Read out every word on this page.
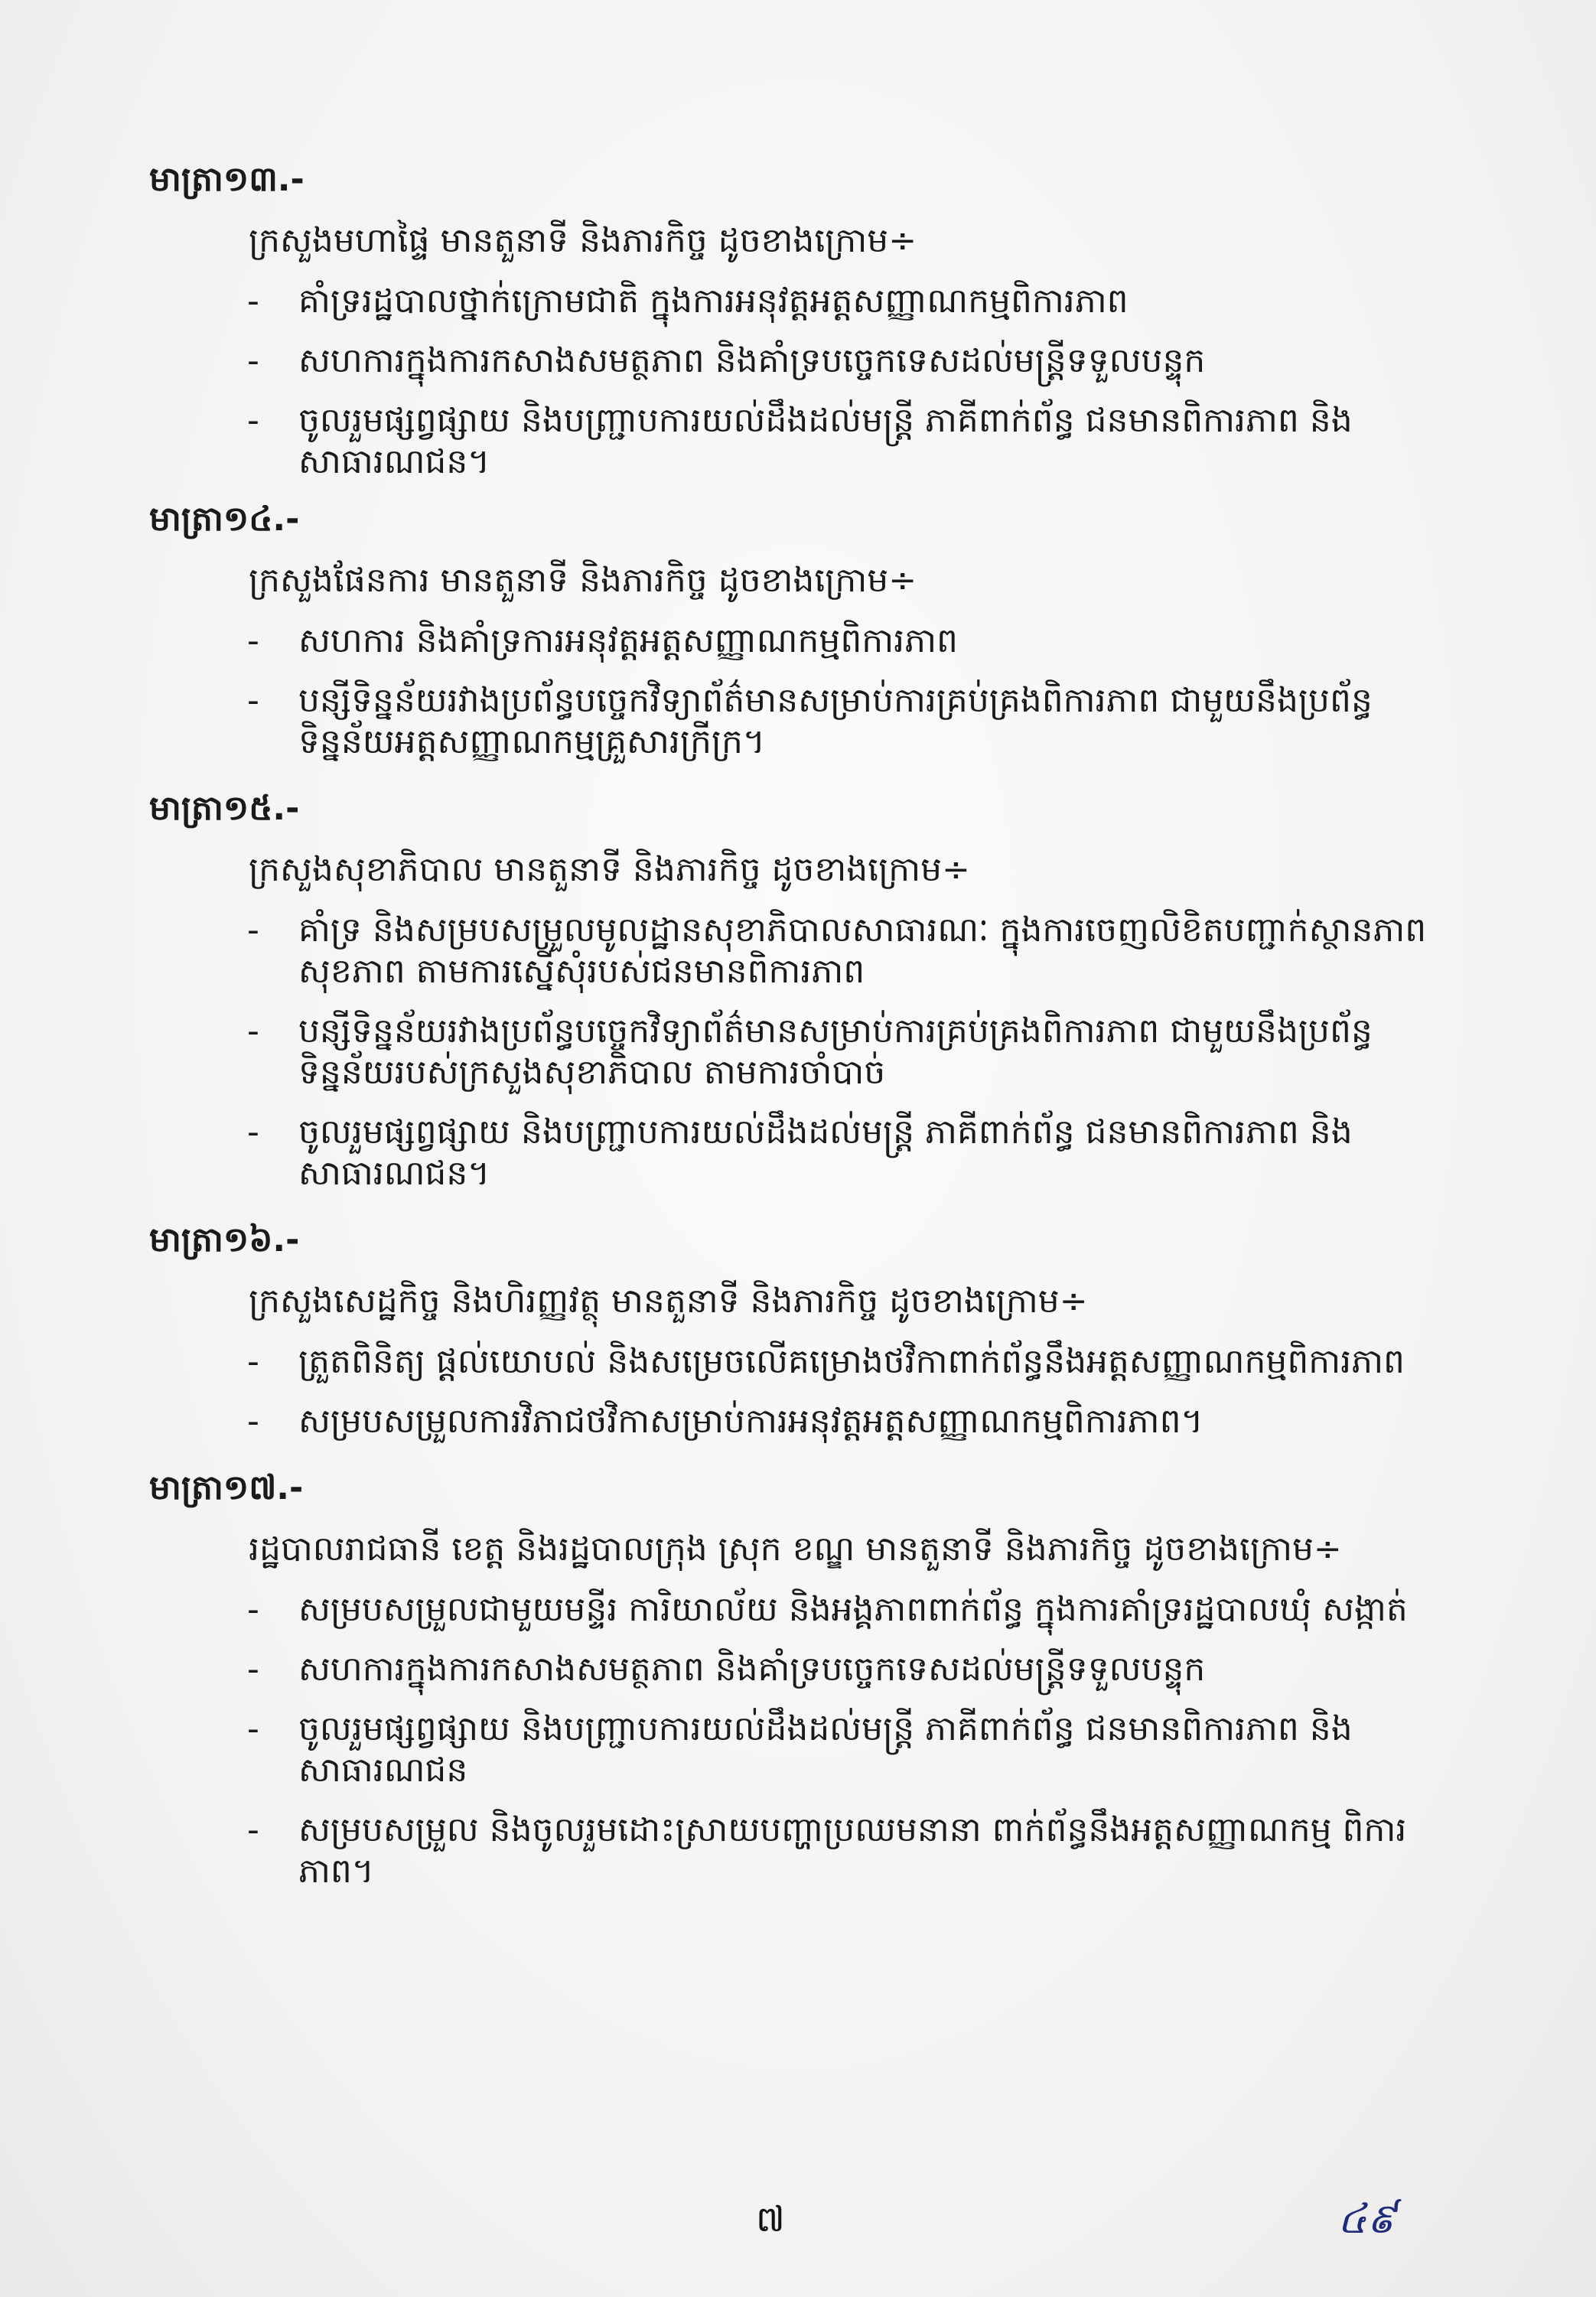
មាត្រា១៣.-
ក្រសួងមហាផ្ទៃ មានតួនាទី និងភារកិច្ច ដូចខាងក្រោម÷
- គាំទ្ររដ្ឋបាលថ្នាក់ក្រោមជាតិ ក្នុងការអនុវត្តអត្តសញ្ញាណកម្មពិការភាព
- សហការក្នុងការកសាងសមត្ថភាព និងគាំទ្របច្ចេកទេសដល់មន្ត្រីទទួលបន្ទុក
- ចូលរួមផ្សព្វផ្សាយ និងបញ្ជ្រាបការយល់ដឹងដល់មន្ត្រី ភាគីពាក់ព័ន្ធ ជនមានពិការភាព និង សាធារណជន។
មាត្រា១៤.-
ក្រសួងផែនការ មានតួនាទី និងភារកិច្ច ដូចខាងក្រោម÷
- សហការ និងគាំទ្រការអនុវត្តអត្តសញ្ញាណកម្មពិការភាព
- បន្សីទិន្នន័យរវាងប្រព័ន្ធបច្ចេកវិទ្យាព័ត៌មានសម្រាប់ការគ្រប់គ្រងពិការភាព ជាមួយនឹងប្រព័ន្ធ ទិន្នន័យអត្តសញ្ញាណកម្មគ្រួសារក្រីក្រ។
មាត្រា១៥.-
ក្រសួងសុខាភិបាល មានតួនាទី និងភារកិច្ច ដូចខាងក្រោម÷
- គាំទ្រ និងសម្របសម្រួលមូលដ្ឋានសុខាភិបាលសាធារណៈ ក្នុងការចេញលិខិតបញ្ជាក់ស្ថានភាព សុខភាព តាមការស្នើសុំរបស់ជនមានពិការភាព
- បន្សីទិន្នន័យរវាងប្រព័ន្ធបច្ចេកវិទ្យាព័ត៌មានសម្រាប់ការគ្រប់គ្រងពិការភាព ជាមួយនឹងប្រព័ន្ធ ទិន្នន័យរបស់ក្រសួងសុខាភិបាល តាមការចាំបាច់
- ចូលរួមផ្សព្វផ្សាយ និងបញ្ជ្រាបការយល់ដឹងដល់មន្ត្រី ភាគីពាក់ព័ន្ធ ជនមានពិការភាព និង សាធារណជន។
មាត្រា១៦.-
ក្រសួងសេដ្ឋកិច្ច និងហិរញ្ញវត្ថុ មានតួនាទី និងភារកិច្ច ដូចខាងក្រោម÷
- ត្រួតពិនិត្យ ផ្តល់យោបល់ និងសម្រេចលើគម្រោងថវិកាពាក់ព័ន្ធនឹងអត្តសញ្ញាណកម្មពិការភាព
- សម្របសម្រួលការវិភាជថវិកាសម្រាប់ការអនុវត្តអត្តសញ្ញាណកម្មពិការភាព។
មាត្រា១៧.-
រដ្ឋបាលរាជធានី ខេត្ត និងរដ្ឋបាលក្រុង ស្រុក ខណ្ឌ មានតួនាទី និងភារកិច្ច ដូចខាងក្រោម÷
- សម្របសម្រួលជាមួយមន្ទីរ ការិយាល័យ និងអង្គភាពពាក់ព័ន្ធ ក្នុងការគាំទ្ររដ្ឋបាលឃុំ សង្កាត់
- សហការក្នុងការកសាងសមត្ថភាព និងគាំទ្របច្ចេកទេសដល់មន្ត្រីទទួលបន្ទុក
- ចូលរួមផ្សព្វផ្សាយ និងបញ្ជ្រាបការយល់ដឹងដល់មន្ត្រី ភាគីពាក់ព័ន្ធ ជនមានពិការភាព និង សាធារណជន
- សម្របសម្រួល និងចូលរួមដោះស្រាយបញ្ហាប្រឈមនានា ពាក់ព័ន្ធនឹងអត្តសញ្ញាណកម្ម ពិការភាព។
៧	៤៩
